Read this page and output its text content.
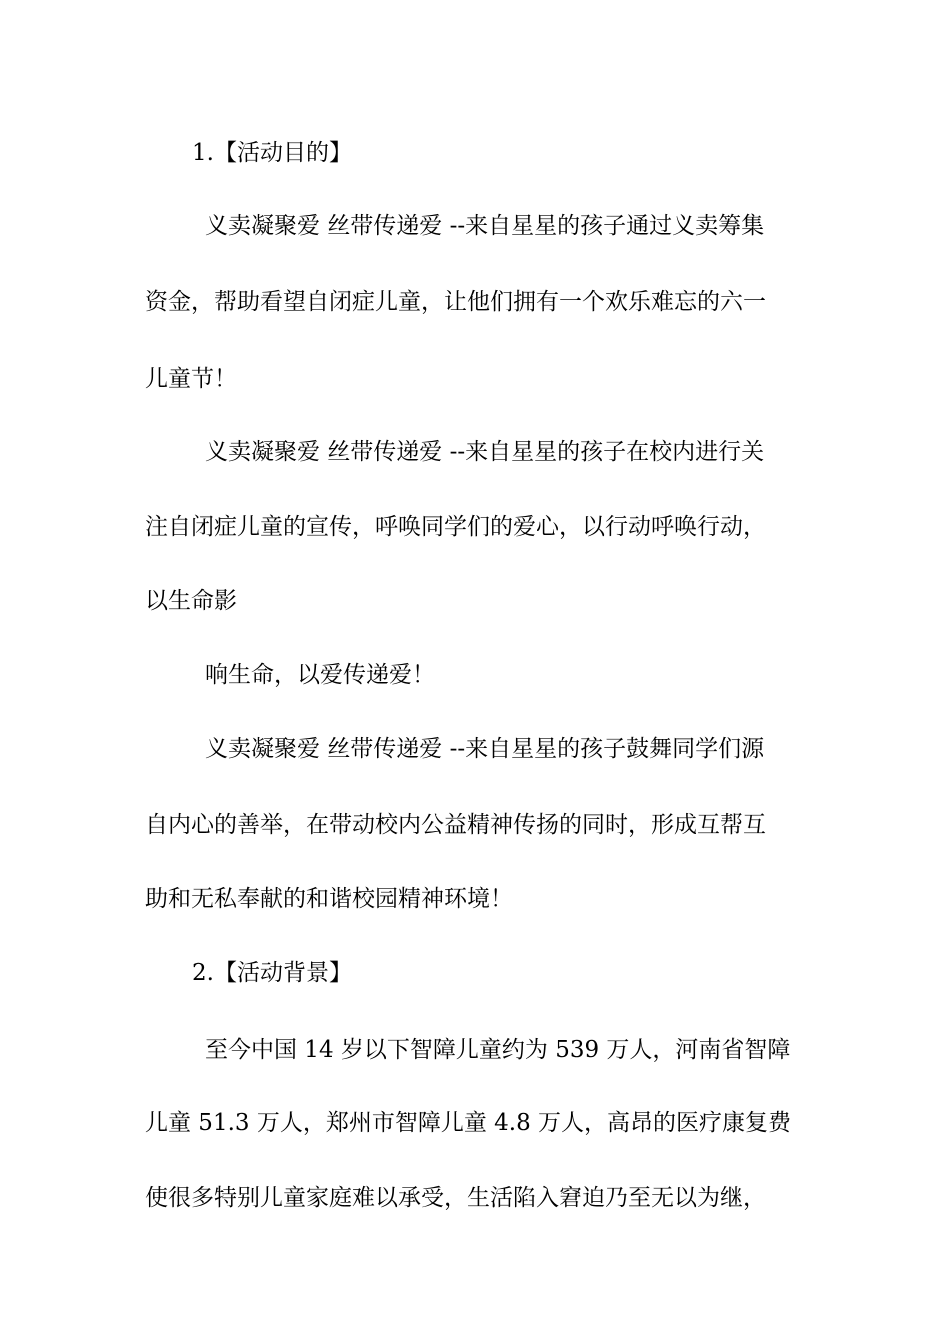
1.【活动目的】
义卖凝聚爱 丝带传递爱 --来自星星的孩子通过义卖筹集
资金，帮助看望自闭症儿童，让他们拥有一个欢乐难忘的六一
儿童节！
义卖凝聚爱 丝带传递爱 --来自星星的孩子在校内进行关
注自闭症儿童的宣传，呼唤同学们的爱心，以行动呼唤行动，
以生命影
响生命，以爱传递爱！
义卖凝聚爱 丝带传递爱 --来自星星的孩子鼓舞同学们源
自内心的善举，在带动校内公益精神传扬的同时，形成互帮互
助和无私奉献的和谐校园精神环境！
2.【活动背景】
至今中国 14 岁以下智障儿童约为 539 万人，河南省智障
儿童 51.3 万人，郑州市智障儿童 4.8 万人，高昂的医疗康复费
使很多特别儿童家庭难以承受，生活陷入窘迫乃至无以为继，
